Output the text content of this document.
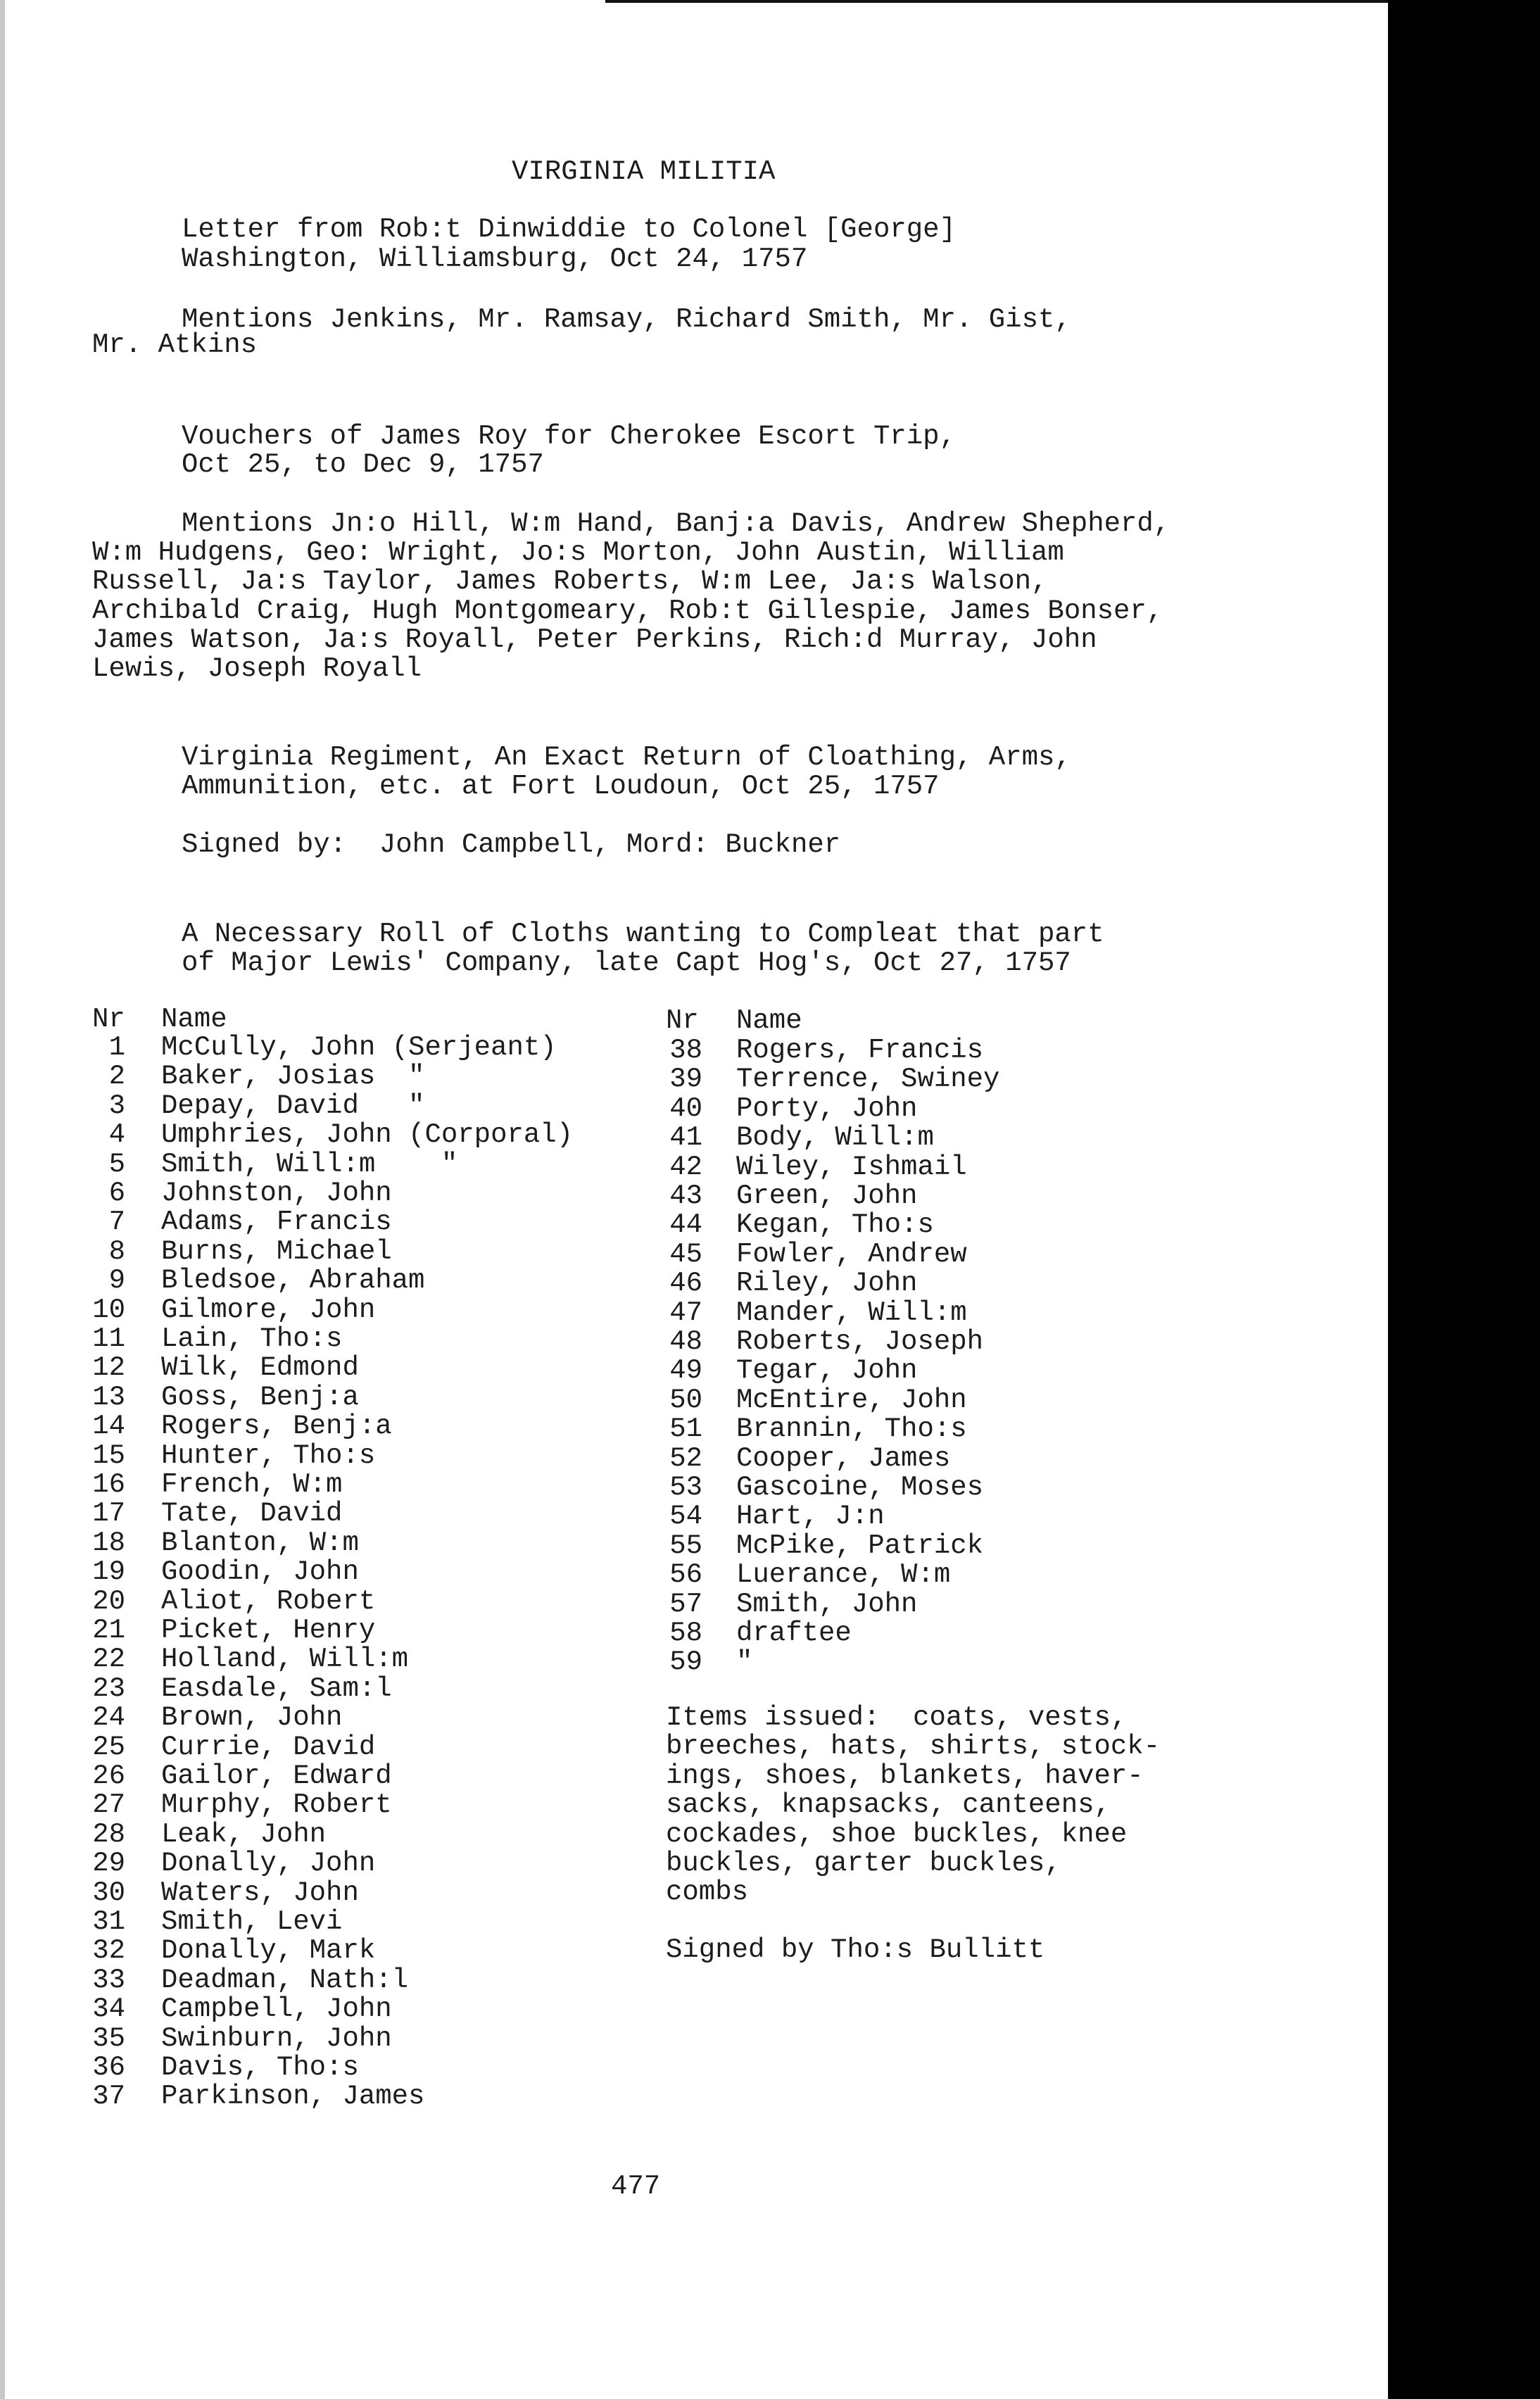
VIRGINIA MILITIA
Letter from Rob:t Dinwiddie to Colonel [George]
Washington, Williamsburg, Oct 24, 1757
Mentions Jenkins, Mr. Ramsay, Richard Smith, Mr. Gist,
Mr. Atkins
Vouchers of James Roy for Cherokee Escort Trip,
Oct 25, to Dec 9, 1757
Mentions Jn:o Hill, W:m Hand, Banj:a Davis, Andrew Shepherd,
W:m Hudgens, Geo: Wright, Jo:s Morton, John Austin, William
Russell, Ja:s Taylor, James Roberts, W:m Lee, Ja:s Walson,
Archibald Craig, Hugh Montgomeary, Rob:t Gillespie, James Bonser,
James Watson, Ja:s Royall, Peter Perkins, Rich:d Murray, John
Lewis, Joseph Royall
Virginia Regiment, An Exact Return of Cloathing, Arms,
Ammunition, etc. at Fort Loudoun, Oct 25, 1757
Signed by:  John Campbell, Mord: Buckner
A Necessary Roll of Cloths wanting to Compleat that part
of Major Lewis' Company, late Capt Hog's, Oct 27, 1757
Nr Name	Nr Name
1 McCully, John (Serjeant)
2 Baker, Josias  "
3 Depay, David   "
4 Umphries, John (Corporal)
5 Smith, Will:m    "
6 Johnston, John
7 Adams, Francis
8 Burns, Michael
9 Bledsoe, Abraham
10 Gilmore, John
11 Lain, Tho:s
12 Wilk, Edmond
13 Goss, Benj:a
14 Rogers, Benj:a
15 Hunter, Tho:s
16 French, W:m
17 Tate, David
18 Blanton, W:m
19 Goodin, John
20 Aliot, Robert
21 Picket, Henry
22 Holland, Will:m
23 Easdale, Sam:l
24 Brown, John
25 Currie, David
26 Gailor, Edward
27 Murphy, Robert
28 Leak, John
29 Donally, John
30 Waters, John
31 Smith, Levi
32 Donally, Mark
33 Deadman, Nath:l
34 Campbell, John
35 Swinburn, John
36 Davis, Tho:s
37 Parkinson, James
38 Rogers, Francis
39 Terrence, Swiney
40 Porty, John
41 Body, Will:m
42 Wiley, Ishmail
43 Green, John
44 Kegan, Tho:s
45 Fowler, Andrew
46 Riley, John
47 Mander, Will:m
48 Roberts, Joseph
49 Tegar, John
50 McEntire, John
51 Brannin, Tho:s
52 Cooper, James
53 Gascoine, Moses
54 Hart, J:n
55 McPike, Patrick
56 Luerance, W:m
57 Smith, John
58 draftee
59 "
Items issued:  coats, vests,
breeches, hats, shirts, stock-
ings, shoes, blankets, haver-
sacks, knapsacks, canteens,
cockades, shoe buckles, knee
buckles, garter buckles,
combs
Signed by Tho:s Bullitt
477
